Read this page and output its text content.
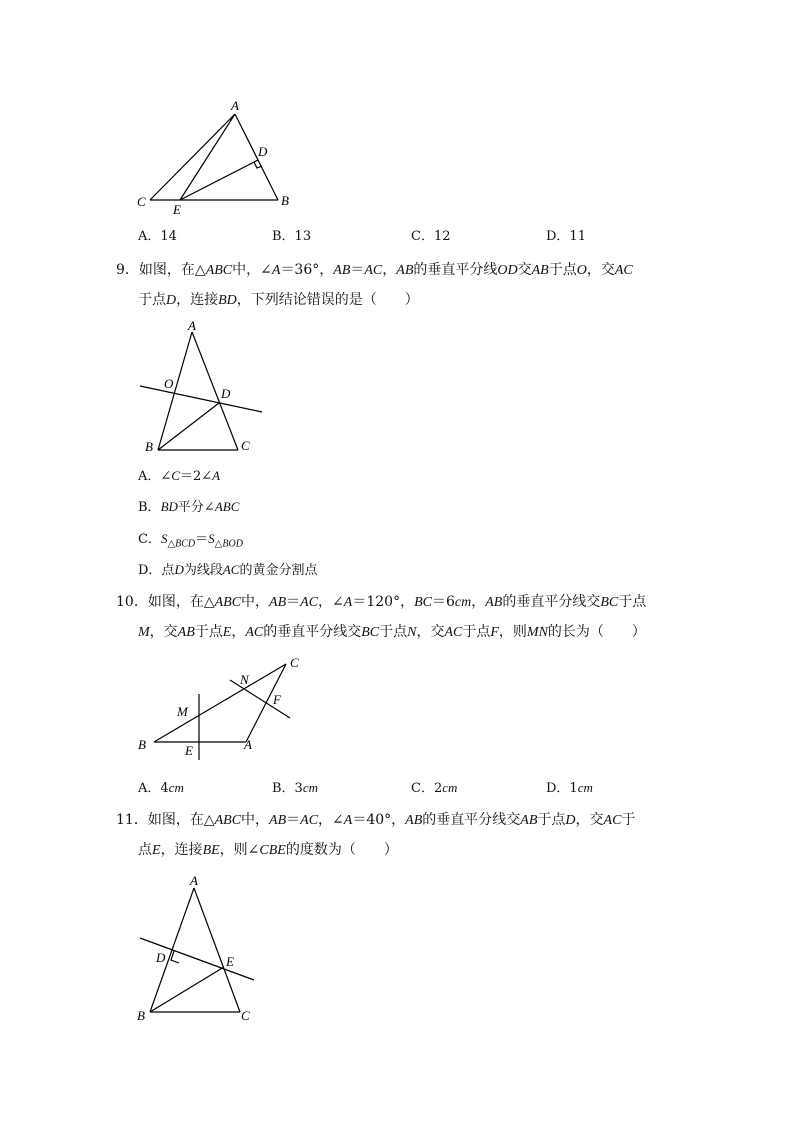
A
D
B
C
E
A．14	B．13	C．12	D．11
9．如图，在△ABC中，∠A＝36°，AB＝AC，AB的垂直平分线OD交AB于点O，交AC
于点D，连接BD，下列结论错误的是（　　）
A
O
D
B	C
A．∠C＝2∠A
B．BD平分∠ABC
C．$S_{\triangle BCD}=S_{\triangle BOD}$
D．点D为线段AC的黄金分割点
10．如图，在△ABC中，AB＝AC，∠A＝120°，BC＝6cm，AB的垂直平分线交BC于点
M，交AB于点E，AC的垂直平分线交BC于点N，交AC于点F，则MN的长为（　　）
C
N
F
M
B	E	A
A．4cm	B．3cm	C．2cm	D．1cm
11．如图，在△ABC中，AB＝AC，∠A＝40°，AB的垂直平分线交AB于点D，交AC于
点E，连接BE，则∠CBE的度数为（　　）
A
D	E
B	C
